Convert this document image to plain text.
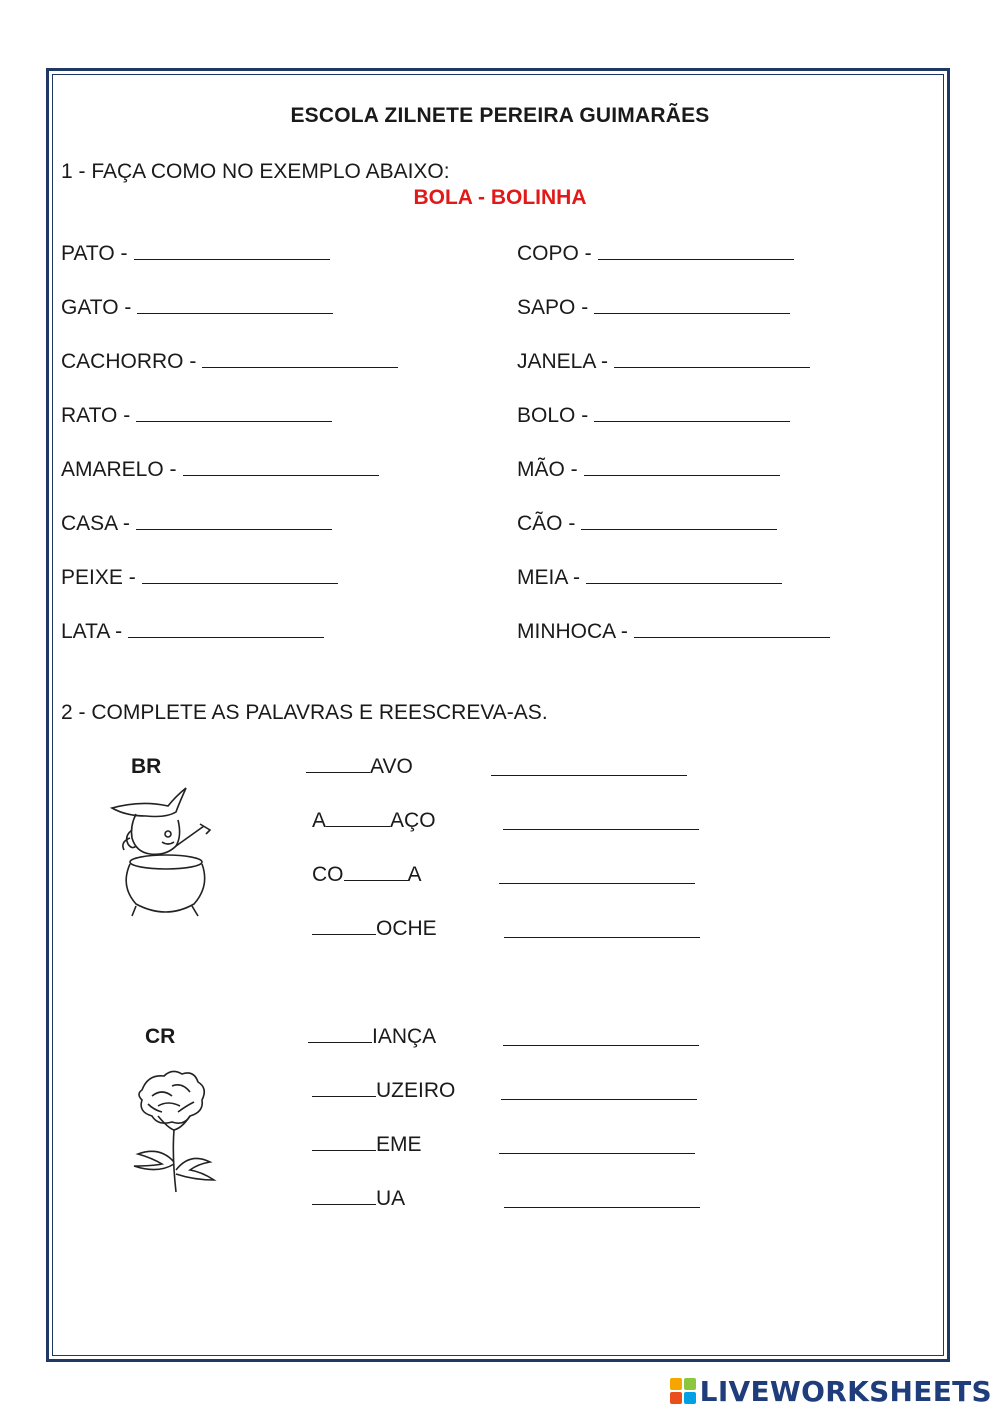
ESCOLA ZILNETE PEREIRA GUIMARÃES
1 - FAÇA COMO NO EXEMPLO ABAIXO:
BOLA - BOLINHA
PATO -
GATO -
CACHORRO -
RATO -
AMARELO -
CASA -
PEIXE -
LATA -
COPO -
SAPO -
JANELA -
BOLO -
MÃO -
CÃO -
MEIA -
MINHOCA -
2 - COMPLETE AS PALAVRAS E REESCREVA-AS.
BR	AVO
A	AÇO
CO	A
OCHE
CR	IANÇA
UZEIRO
EME
UA
LIVEWORKSHEETS
